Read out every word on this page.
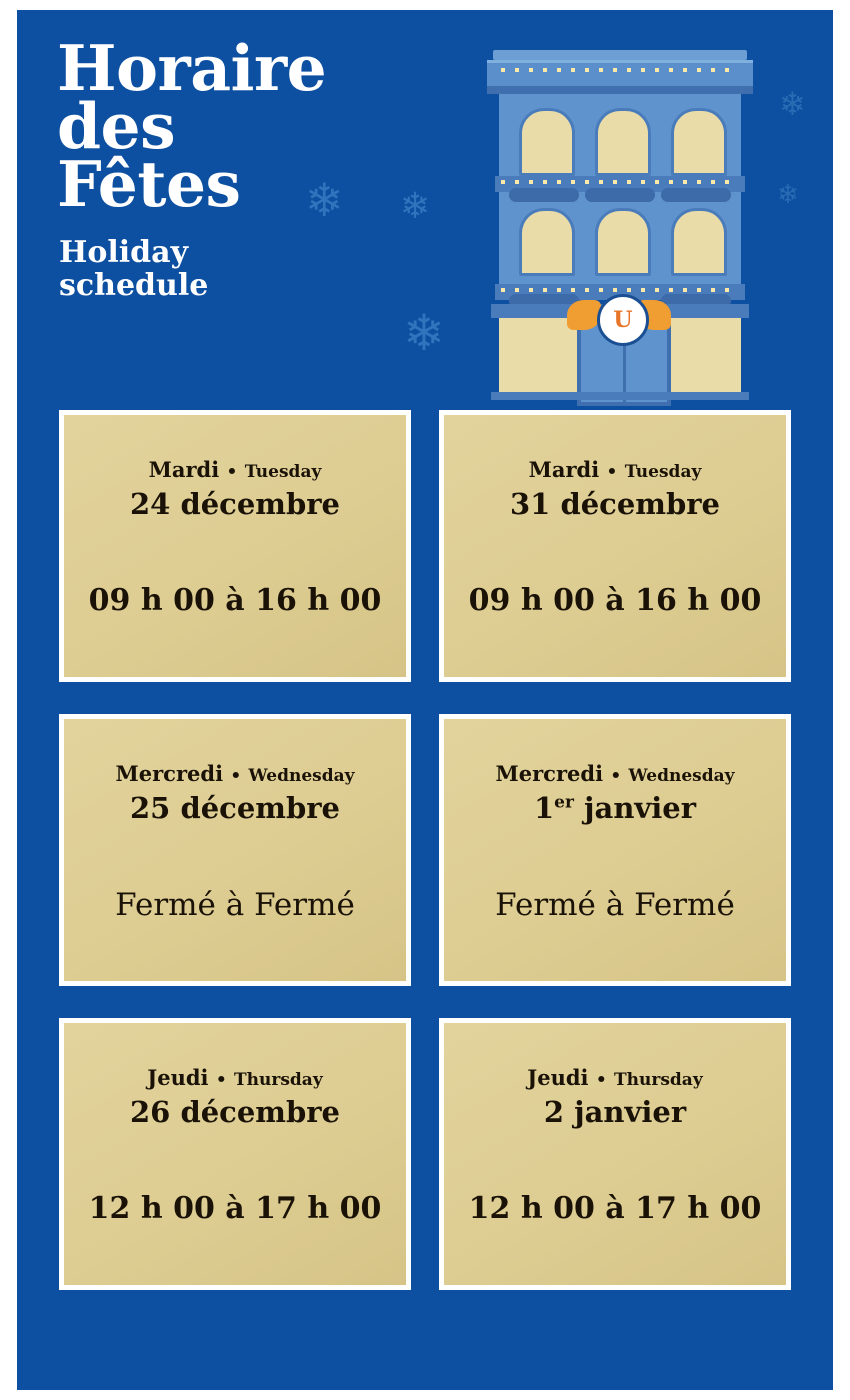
Horaire
des
Fêtes
Holiday
schedule
❄ ❄
❄
❄
❄
U
Mardi • Tuesday
24 décembre
09 h 00 à 16 h 00
Mardi • Tuesday
31 décembre
09 h 00 à 16 h 00
Mercredi • Wednesday
25 décembre
Fermé à Fermé
Mercredi • Wednesday
1er janvier
Fermé à Fermé
Jeudi • Thursday
26 décembre
12 h 00 à 17 h 00
Jeudi • Thursday
2 janvier
12 h 00 à 17 h 00
